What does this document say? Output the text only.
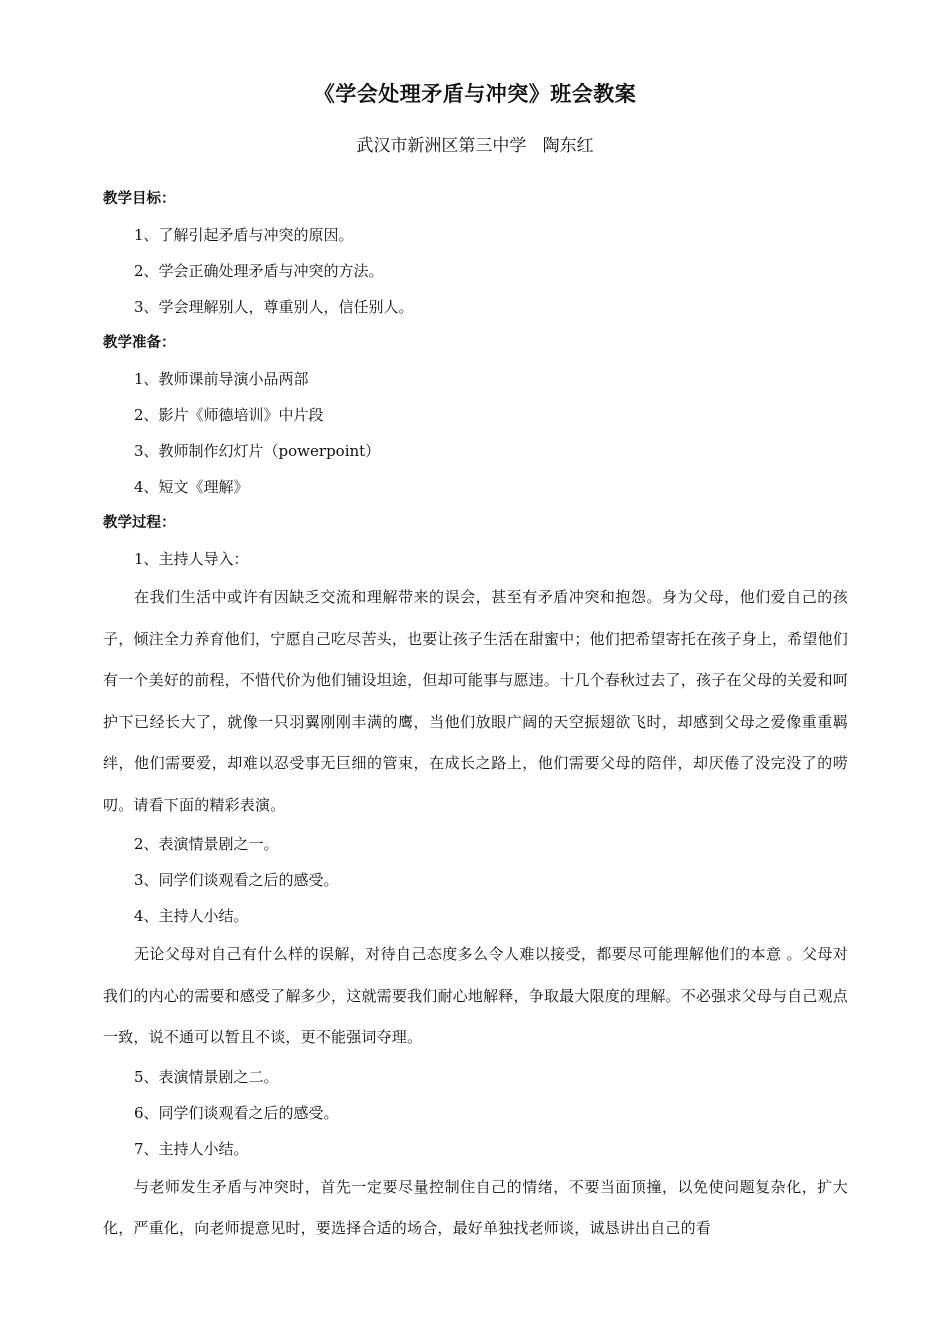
《学会处理矛盾与冲突》班会教案
武汉市新洲区第三中学   陶东红
教学目标：
1、了解引起矛盾与冲突的原因。
2、学会正确处理矛盾与冲突的方法。
3、学会理解别人，尊重别人，信任别人。
教学准备：
1、教师课前导演小品两部
2、影片《师德培训》中片段
3、教师制作幻灯片（powerpoint）
4、短文《理解》
教学过程：
1、主持人导入：
在我们生活中或许有因缺乏交流和理解带来的误会，甚至有矛盾冲突和抱怨。身为父母，他们爱自己的孩子，倾注全力养育他们，宁愿自己吃尽苦头，也要让孩子生活在甜蜜中；他们把希望寄托在孩子身上，希望他们有一个美好的前程，不惜代价为他们铺设坦途，但却可能事与愿违。十几个春秋过去了，孩子在父母的关爱和呵护下已经长大了，就像一只羽翼刚刚丰满的鹰，当他们放眼广阔的天空振翅欲飞时，却感到父母之爱像重重羁绊，他们需要爱，却难以忍受事无巨细的管束，在成长之路上，他们需要父母的陪伴，却厌倦了没完没了的唠叨。请看下面的精彩表演。
2、表演情景剧之一。
3、同学们谈观看之后的感受。
4、主持人小结。
无论父母对自己有什么样的误解，对待自己态度多么令人难以接受，都要尽可能理解他们的本意 。父母对我们的内心的需要和感受了解多少，这就需要我们耐心地解释，争取最大限度的理解。不必强求父母与自己观点一致，说不通可以暂且不谈，更不能强词夺理。
5、表演情景剧之二。
6、同学们谈观看之后的感受。
7、主持人小结。
与老师发生矛盾与冲突时，首先一定要尽量控制住自己的情绪，不要当面顶撞，以免使问题复杂化，扩大化，严重化，向老师提意见时，要选择合适的场合，最好单独找老师谈，诚恳讲出自己的看
